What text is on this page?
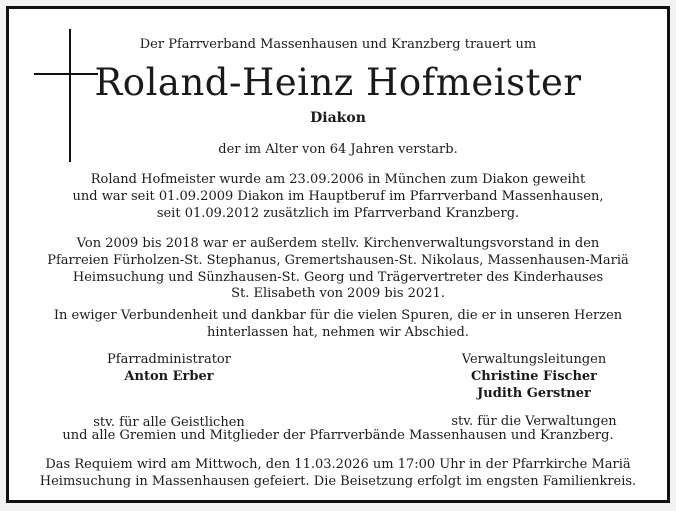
Der Pfarrverband Massenhausen und Kranzberg trauert um
Roland-Heinz Hofmeister
Diakon
der im Alter von 64 Jahren verstarb.
Roland Hofmeister wurde am 23.09.2006 in München zum Diakon geweiht
und war seit 01.09.2009 Diakon im Hauptberuf im Pfarrverband Massenhausen,
seit 01.09.2012 zusätzlich im Pfarrverband Kranzberg.
Von 2009 bis 2018 war er außerdem stellv. Kirchenverwaltungsvorstand in den
Pfarreien Fürholzen-St. Stephanus, Gremertshausen-St. Nikolaus, Massenhausen-Mariä
Heimsuchung und Sünzhausen-St. Georg und Trägervertreter des Kinderhauses
St. Elisabeth von 2009 bis 2021.
In ewiger Verbundenheit und dankbar für die vielen Spuren, die er in unseren Herzen
hinterlassen hat, nehmen wir Abschied.
Pfarradministrator
Anton Erber
stv. für alle Geistlichen
Verwaltungsleitungen
Christine Fischer
Judith Gerstner
stv. für die Verwaltungen
und alle Gremien und Mitglieder der Pfarrverbände Massenhausen und Kranzberg.
Das Requiem wird am Mittwoch, den 11.03.2026 um 17:00 Uhr in der Pfarrkirche Mariä
Heimsuchung in Massenhausen gefeiert. Die Beisetzung erfolgt im engsten Familienkreis.
